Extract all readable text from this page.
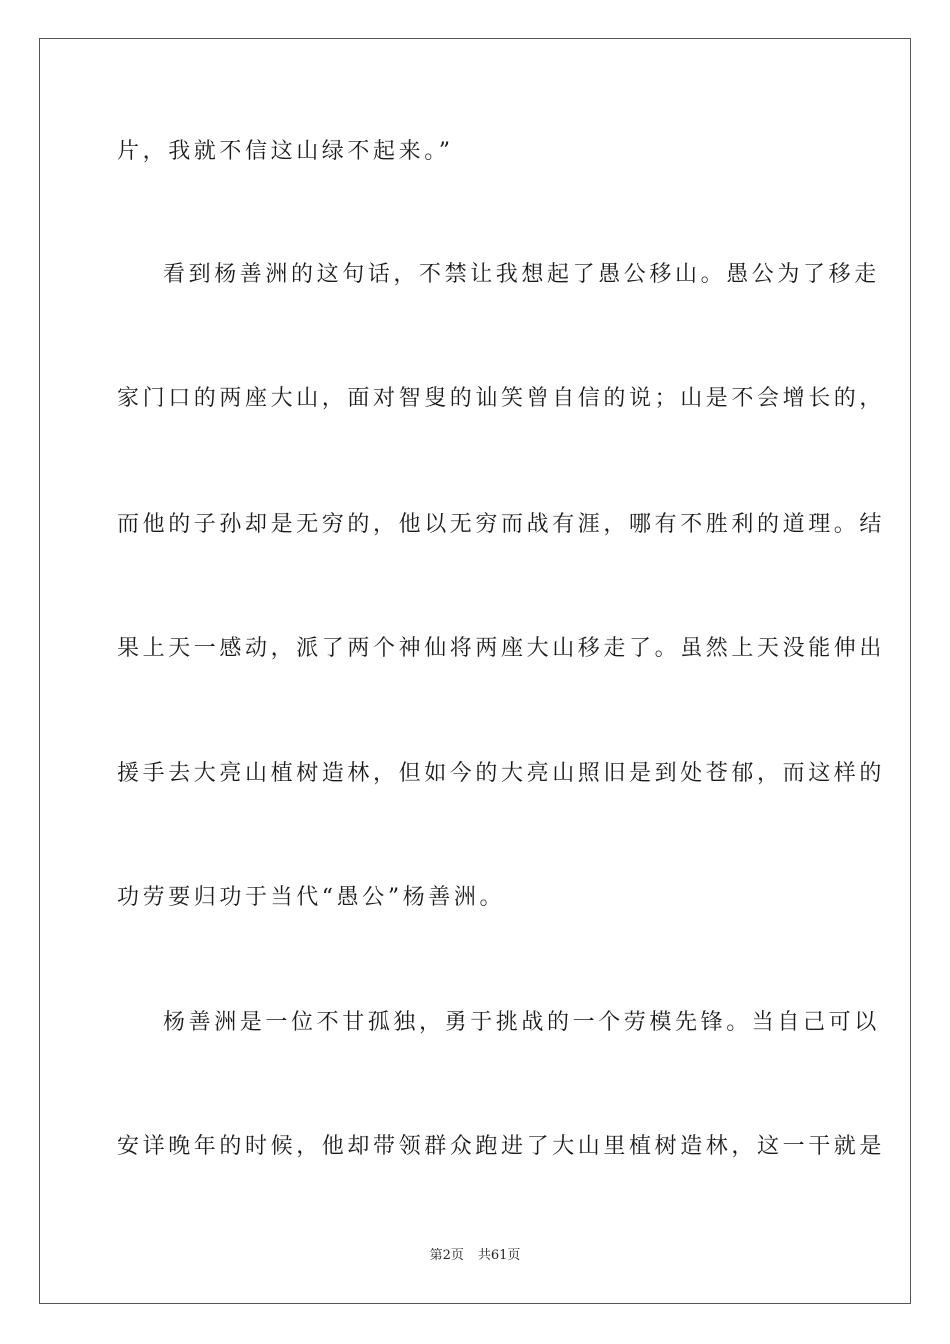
片，我就不信这山绿不起来。”
看到杨善洲的这句话，不禁让我想起了愚公移山。愚公为了移走
家门口的两座大山，面对智叟的讪笑曾自信的说；山是不会增长的，
而他的子孙却是无穷的，他以无穷而战有涯，哪有不胜利的道理。结
果上天一感动，派了两个神仙将两座大山移走了。虽然上天没能伸出
援手去大亮山植树造林，但如今的大亮山照旧是到处苍郁，而这样的
功劳要归功于当代“愚公”杨善洲。
杨善洲是一位不甘孤独，勇于挑战的一个劳模先锋。当自己可以
安详晚年的时候，他却带领群众跑进了大山里植树造林，这一干就是
第2页 共61页
